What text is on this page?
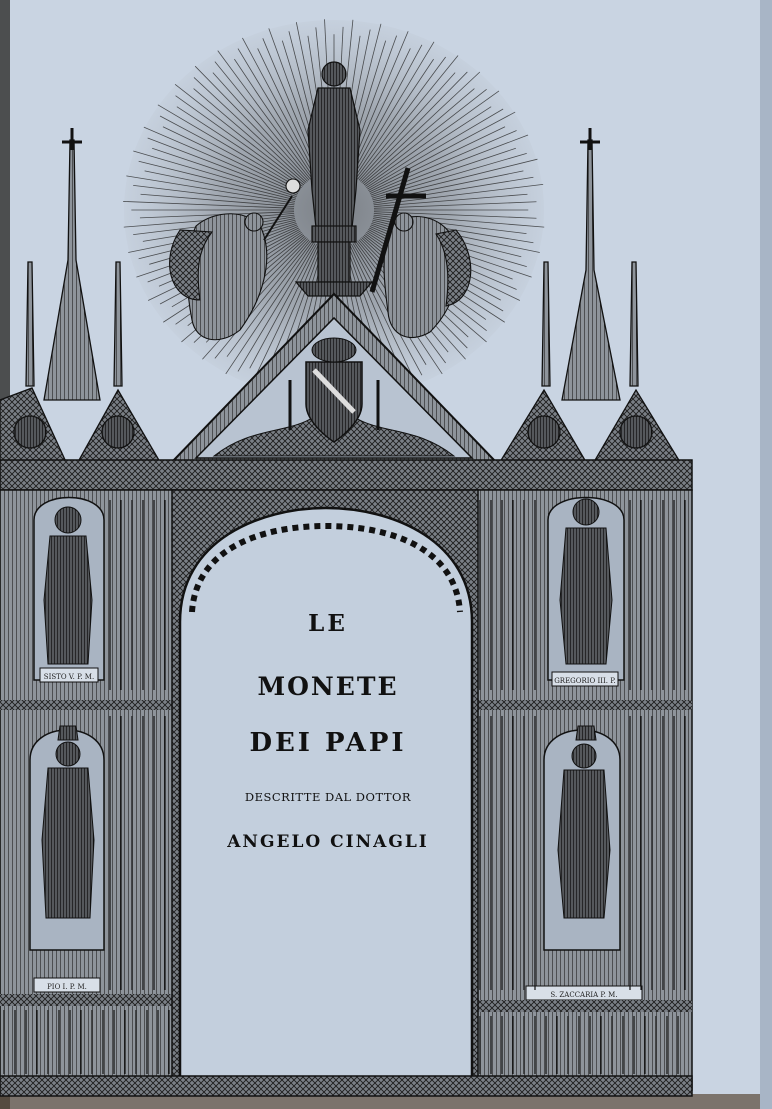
SISTO V. P. M.	GREGORIO III. P.
PIO I. P. M.
S. ZACCARIA P. M.
LE
MONETE
DEI PAPI
DESCRITTE DAL DOTTOR
ANGELO CINAGLI
